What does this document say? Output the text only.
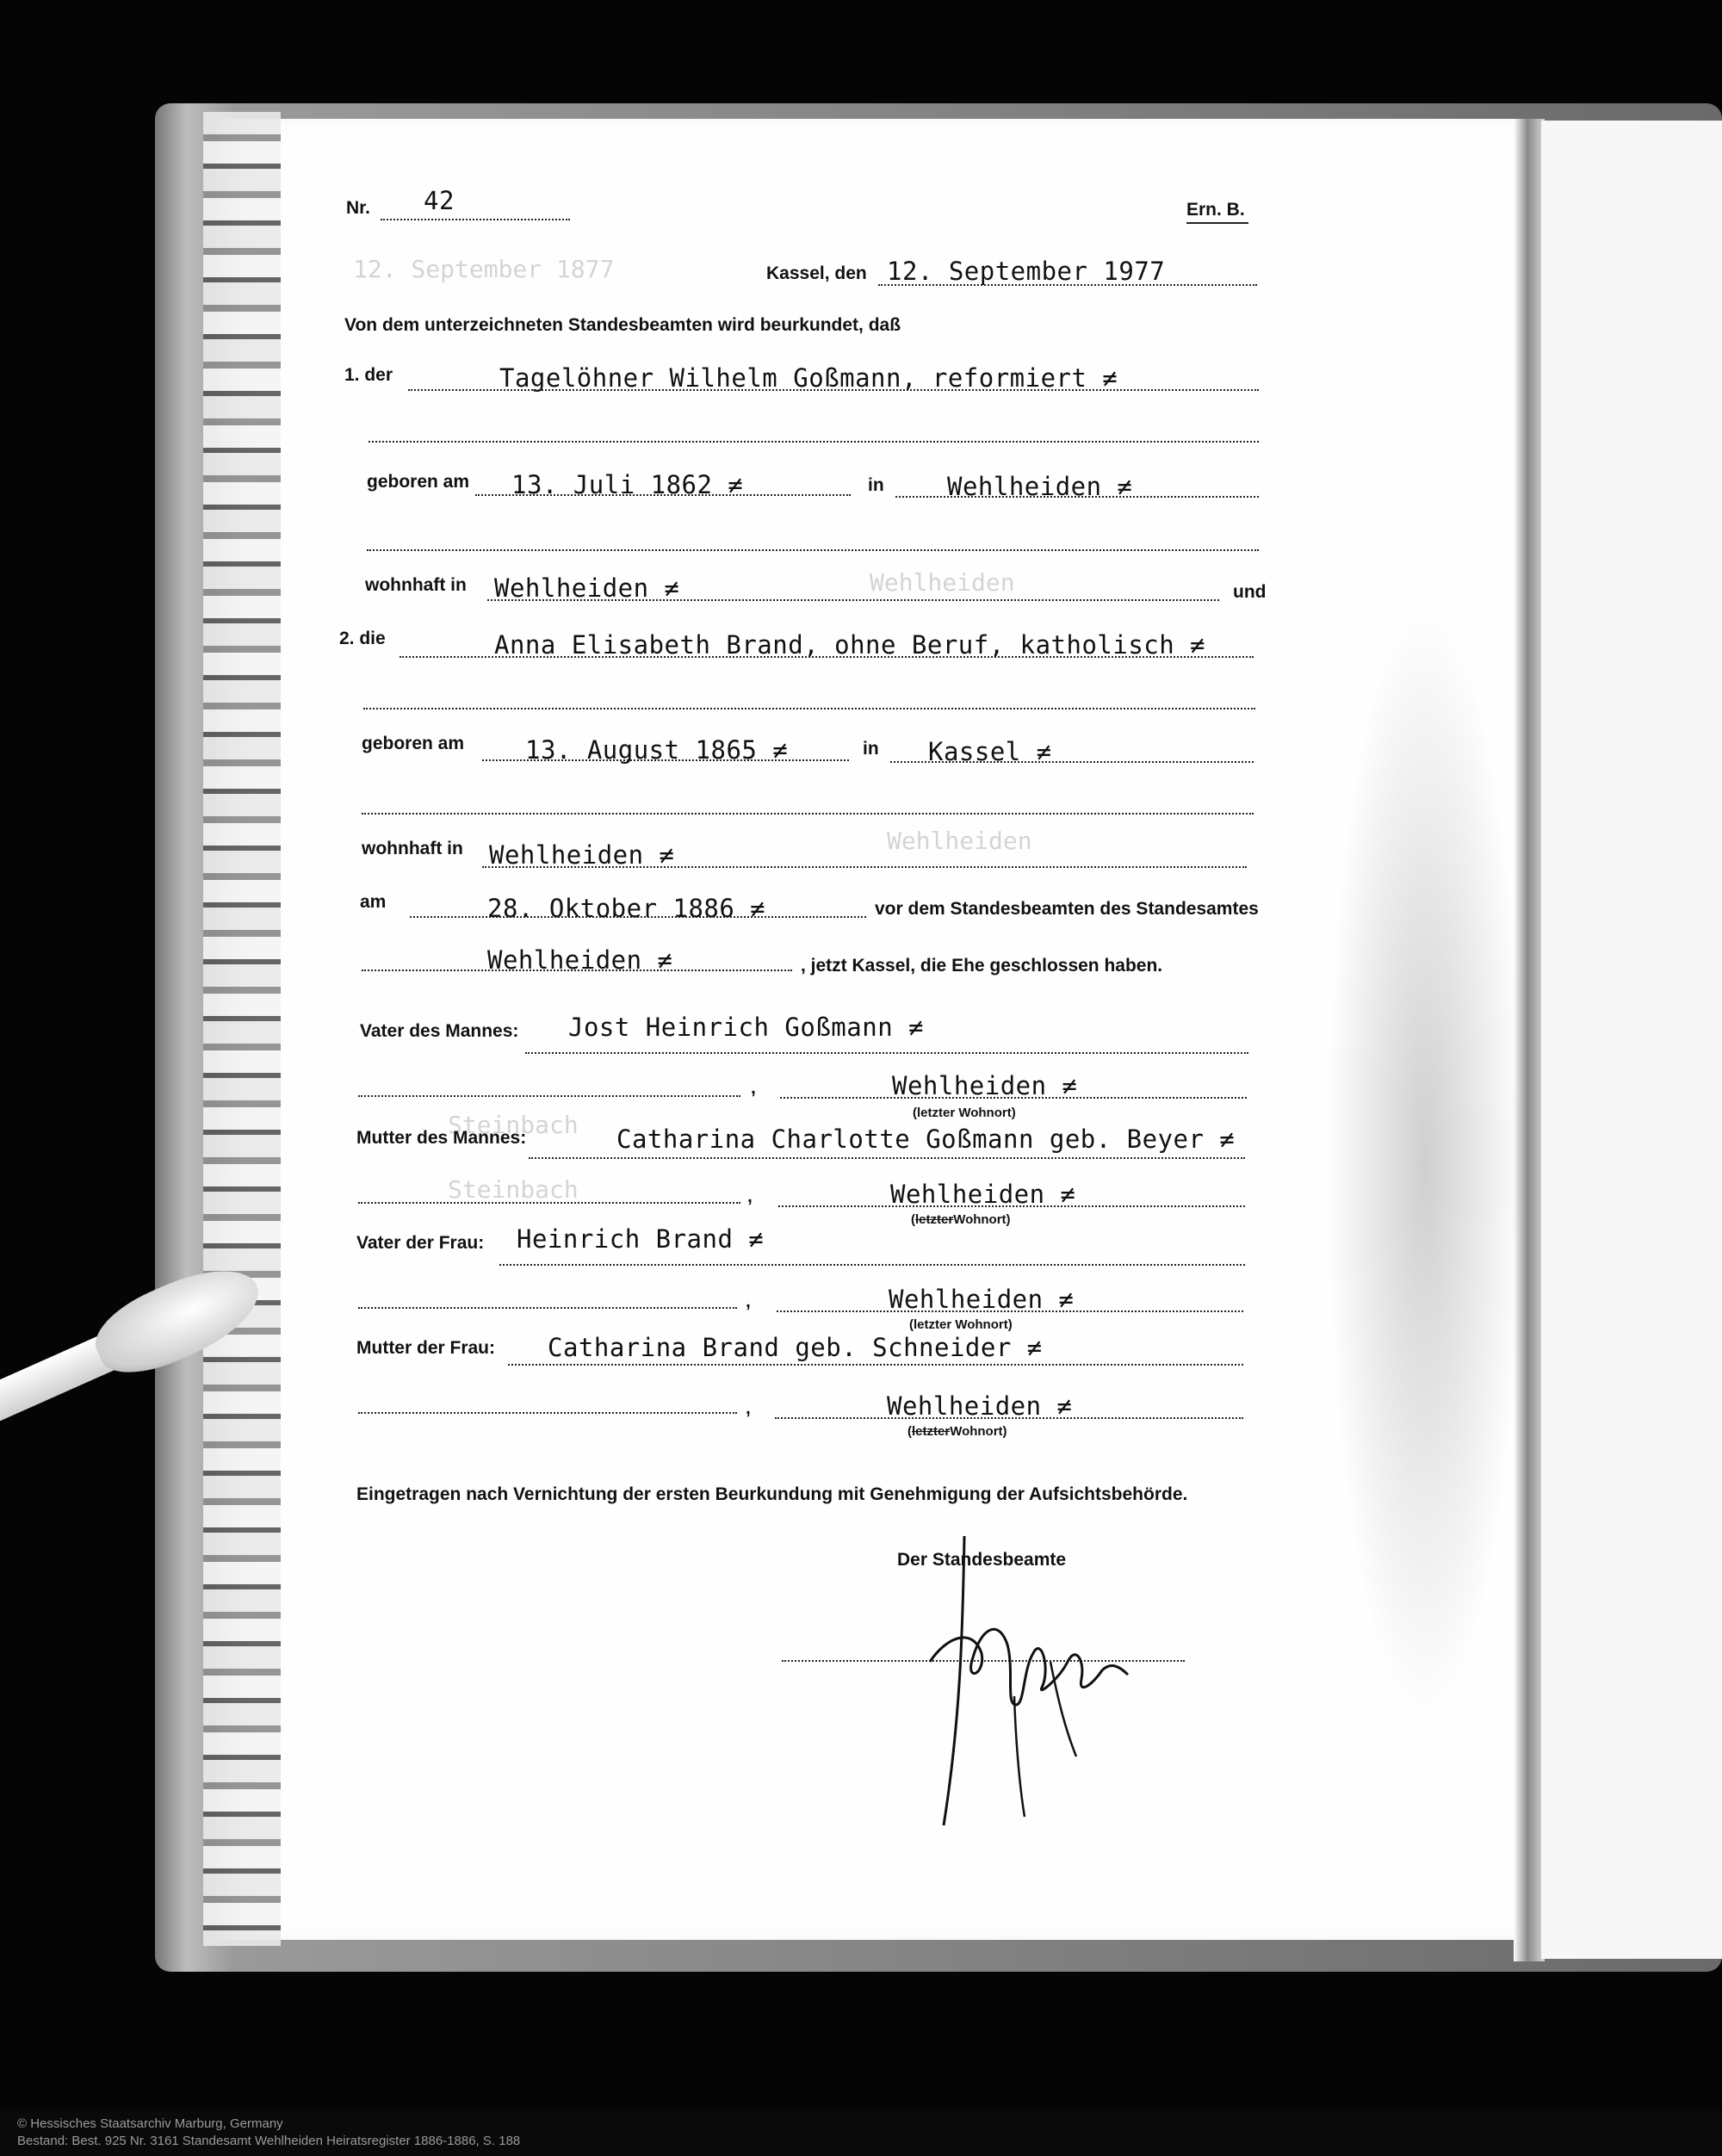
12. September 1877
Wehlheiden
Wehlheiden
Steinbach
Steinbach
Nr. 42	Ern. B.
Kassel, den 12. September 1977
Von dem unterzeichneten Standesbeamten wird beurkundet, daß
1. der	Tagelöhner Wilhelm Goßmann, reformiert ≠
geboren am 13. Juli 1862 ≠	in	Wehlheiden ≠
wohnhaft in Wehlheiden ≠	und
2. die	Anna Elisabeth Brand, ohne Beruf, katholisch ≠
geboren am 13. August 1865 ≠	in Kassel ≠
wohnhaft in Wehlheiden ≠
am	28. Oktober 1886 ≠	vor dem Standesbeamten des Standesamtes
Wehlheiden ≠	, jetzt Kassel, die Ehe geschlossen haben.
Vater des Mannes: Jost Heinrich Goßmann ≠
,	Wehlheiden ≠
(letzter Wohnort)
Mutter des Mannes:	Catharina Charlotte Goßmann geb. Beyer ≠
,	Wehlheiden ≠
(letzterWohnort)
Vater der Frau: Heinrich Brand ≠
,	Wehlheiden ≠
(letzter Wohnort)
Mutter der Frau: Catharina Brand geb. Schneider ≠
,	Wehlheiden ≠
(letzterWohnort)
Eingetragen nach Vernichtung der ersten Beurkundung mit Genehmigung der Aufsichtsbehörde.
Der Standesbeamte
© Hessisches Staatsarchiv Marburg, Germany
Bestand: Best. 925 Nr. 3161 Standesamt Wehlheiden Heiratsregister 1886-1886, S. 188
